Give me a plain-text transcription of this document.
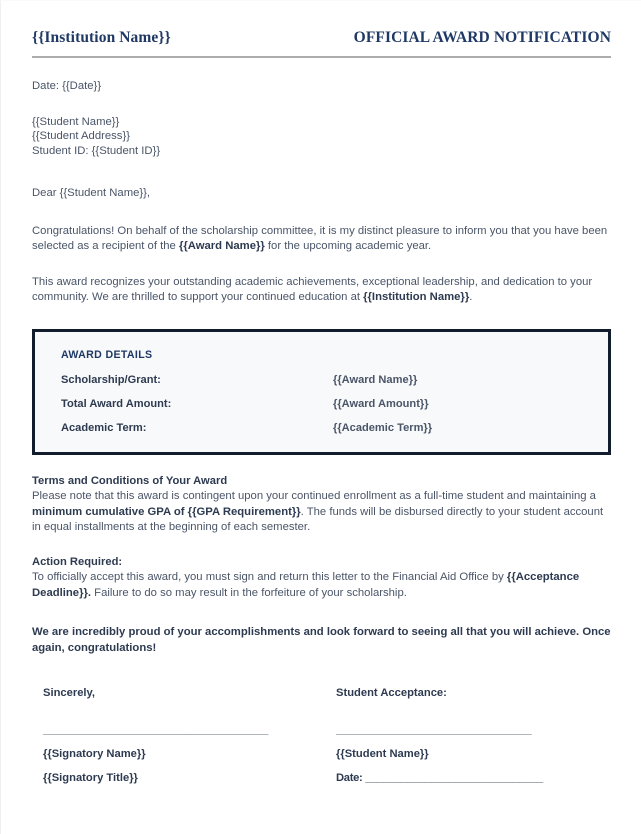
{{Institution Name}}	OFFICIAL AWARD NOTIFICATION
Date: {{Date}}
{{Student Name}}
{{Student Address}}
Student ID: {{Student ID}}
Dear {{Student Name}},
Congratulations! On behalf of the scholarship committee, it is my distinct pleasure to inform you that you have been selected as a recipient of the {{Award Name}} for the upcoming academic year.
This award recognizes your outstanding academic achievements, exceptional leadership, and dedication to your community. We are thrilled to support your continued education at {{Institution Name}}.
AWARD DETAILS
Scholarship/Grant:	{{Award Name}}
Total Award Amount:	{{Award Amount}}
Academic Term:	{{Academic Term}}
Terms and Conditions of Your Award
Please note that this award is contingent upon your continued enrollment as a full-time student and maintaining a minimum cumulative GPA of {{GPA Requirement}}. The funds will be disbursed directly to your student account in equal installments at the beginning of each semester.
Action Required:
To officially accept this award, you must sign and return this letter to the Financial Aid Office by {{Acceptance Deadline}}. Failure to do so may result in the forfeiture of your scholarship.
We are incredibly proud of your accomplishments and look forward to seeing all that you will achieve. Once again, congratulations!
Sincerely,
______________________________________
{{Signatory Name}}
{{Signatory Title}}
Student Acceptance:
_________________________________
{{Student Name}}
Date: ______________________________
